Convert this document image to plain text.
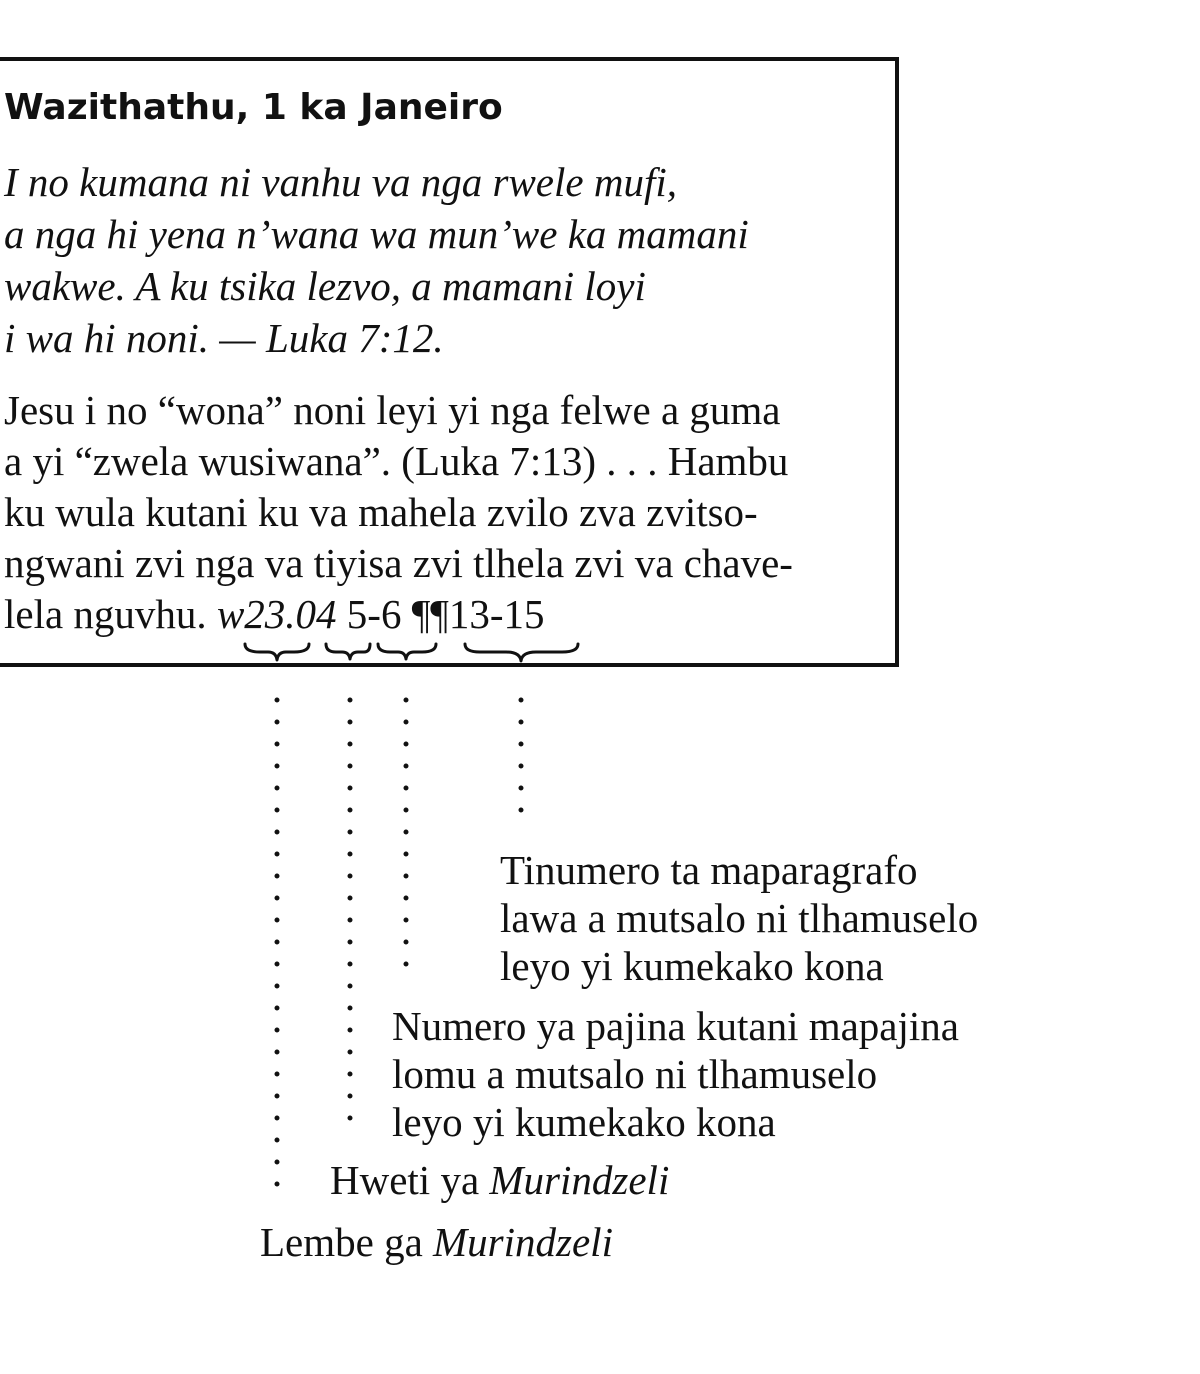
Wazithathu, 1 ka Janeiro
I no kumana ni vanhu va nga rwele mufi,
a nga hi yena n’wana wa mun’we ka mamani
wakwe. A ku tsika lezvo, a mamani loyi
i wa hi noni. — Luka 7:12.
Jesu i no “wona” noni leyi yi nga felwe a guma
a yi “zwela wusiwana”. (Luka 7:13) . . . Hambu
ku wula kutani ku va mahela zvilo zva zvitso-
ngwani zvi nga va tiyisa zvi tlhela zvi va chave-
lela nguvhu. w23.04 5-6 ¶¶13-15
Tinumero ta maparagrafo
lawa a mutsalo ni tlhamuselo
leyo yi kumekako kona
Numero ya pajina kutani mapajina
lomu a mutsalo ni tlhamuselo
leyo yi kumekako kona
Hweti ya Murindzeli
Lembe ga Murindzeli
